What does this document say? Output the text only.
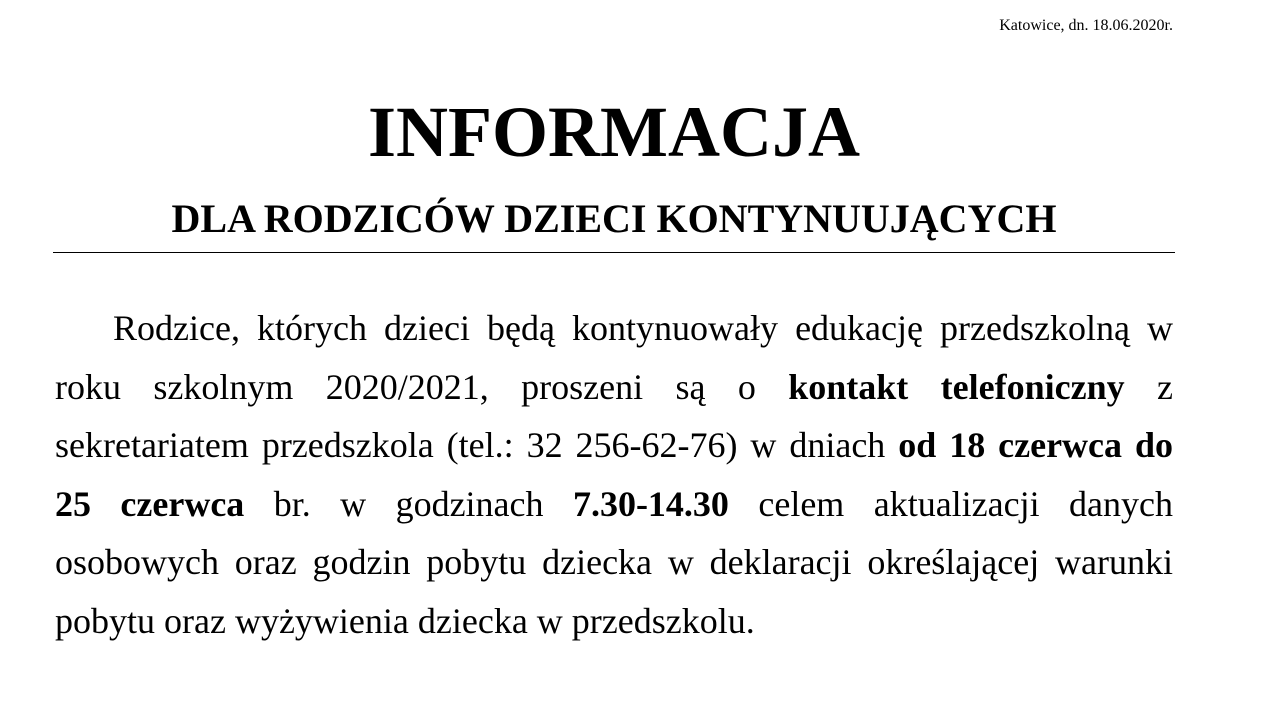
Katowice, dn. 18.06.2020r.
INFORMACJA
DLA RODZICÓW DZIECI KONTYNUUJĄCYCH

Rodzice, których dzieci będą kontynuowały edukację przedszkolną w roku szkolnym 2020/2021, proszeni są o kontakt telefoniczny z sekretariatem przedszkola (tel.: 32 256-62-76) w dniach od 18 czerwca do 25 czerwca br. w godzinach 7.30-14.30 celem aktualizacji danych osobowych oraz godzin pobytu dziecka w deklaracji określającej warunki pobytu oraz wyżywienia dziecka w przedszkolu.
